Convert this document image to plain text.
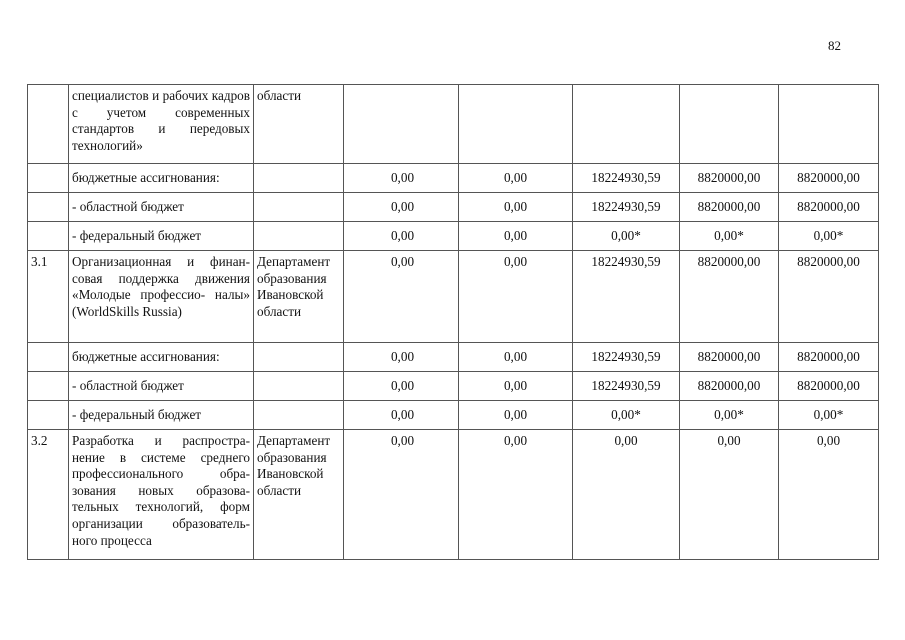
82
	специалистов и рабочих кадров с учетом современных стандартов и передовых технологий»	области					
	бюджетные ассигнования:		0,00	0,00	18224930,59	8820000,00	8820000,00
	- областной бюджет		0,00	0,00	18224930,59	8820000,00	8820000,00
	- федеральный бюджет		0,00	0,00	0,00*	0,00*	0,00*
3.1	Организационная и финан- совая поддержка движения «Молодые профессио- налы» (WorldSkills Russia)	Департамент образования Ивановской области	0,00	0,00	18224930,59	8820000,00	8820000,00
	бюджетные ассигнования:		0,00	0,00	18224930,59	8820000,00	8820000,00
	- областной бюджет		0,00	0,00	18224930,59	8820000,00	8820000,00
	- федеральный бюджет		0,00	0,00	0,00*	0,00*	0,00*
3.2	Разработка и распростра- нение в системе среднего профессионального обра- зования новых образова- тельных технологий, форм организации образователь- ного процесса	Департамент образования Ивановской области	0,00	0,00	0,00	0,00	0,00
